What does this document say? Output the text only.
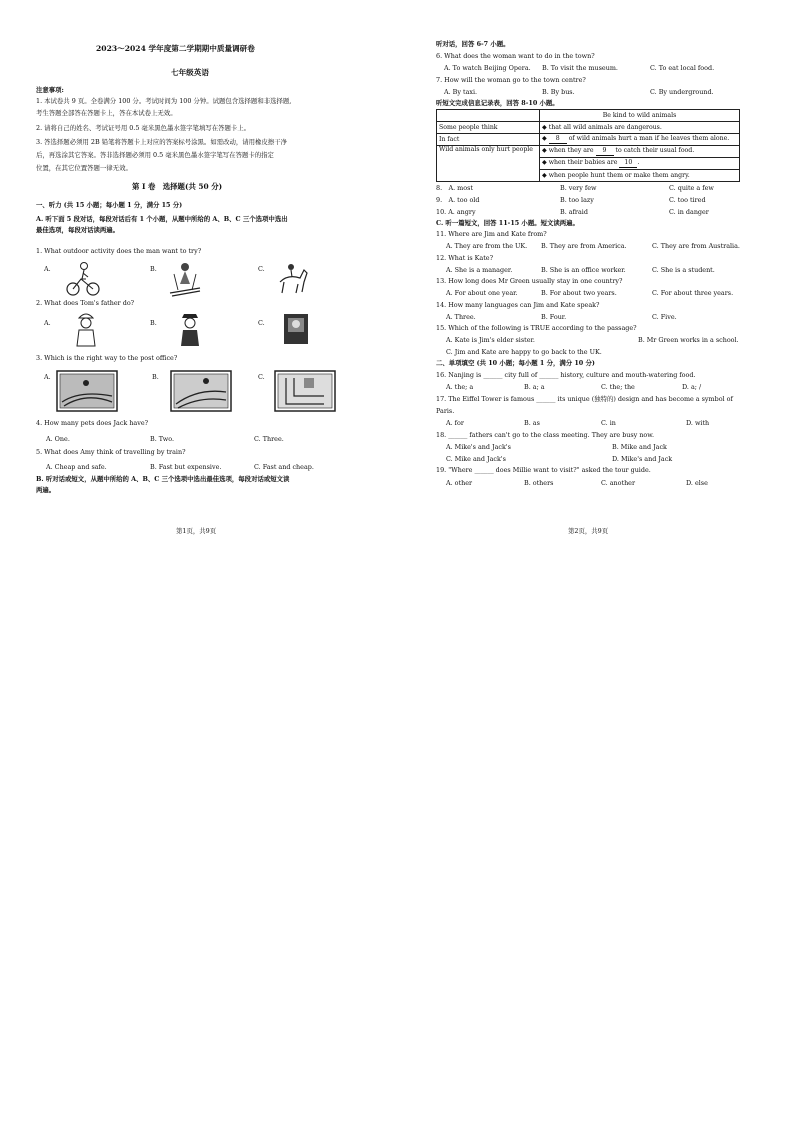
2023～2024 学年度第二学期期中质量调研卷
七年级英语
注意事项:
1. 本试卷共 9 页。全卷满分 100 分。考试时间为 100 分钟。试题包含选择题和非选择题,
考生答题全部答在答题卡上，答在本试卷上无效。
2. 请将自己的姓名、考试证号用 0.5 毫米黑色墨水签字笔填写在答题卡上。
3. 答选择题必须用 2B 铅笔将答题卡上对应的答案标号涂黑。如需改动，请用橡皮擦干净
后，再选涂其它答案。答非选择题必须用 0.5 毫米黑色墨水签字笔写在答题卡的指定
位置，在其它位置答题一律无效。
第 I 卷　选择题(共 50 分)
一、听力 (共 15 小题；每小题 1 分，满分 15 分)
A. 听下面 5 段对话，每段对话后有 1 个小题，从题中所给的 A、B、C 三个选项中选出
最佳选项，每段对话读两遍。
1. What outdoor activity does the man want to try?
A.	B.	C.
2. What does Tom's father do?
A.	B.	C.
3. Which is the right way to the post office?
A.	B.	C.
4. How many pets does Jack have?
A. One.	B. Two.	C. Three.
5. What does Amy think of travelling by train?
A. Cheap and safe.	B. Fast but expensive.	C. Fast and cheap.
B. 听对话或短文，从题中所给的 A、B、C 三个选项中选出最佳选项，每段对话或短文读
两遍。
第1页，共9页
听对话，回答 6-7 小题。
6. What does the woman want to do in the town?
A. To watch Beijing Opera. B. To visit the museum.	C. To eat local food.
7. How will the woman go to the town centre?
A. By taxi.	B. By bus.	C. By underground.
听短文完成信息记录表，回答 8-10 小题。
	Be kind to wild animals
Some people think	◆ that all wild animals are dangerous.
In fact	◆ 8 of wild animals hurt a man if he leaves them alone.
Wild animals only hurt people	◆ when they are 9 to catch their usual food.
	◆ when their babies are 10 .
	◆ when people hunt them or make them angry.
8.　A. most	B. very few	C. quite a few
9.　A. too old	B. too lazy	C. too tired
10. A. angry	B. afraid	C. in danger
C. 听一篇短文，回答 11-15 小题。短文读两遍。
11. Where are Jim and Kate from?
A. They are from the UK. B. They are from America.	C. They are from Australia.
12. What is Kate?
A. She is a manager.	B. She is an office worker.	C. She is a student.
13. How long does Mr Green usually stay in one country?
A. For about one year.	B. For about two years.	C. For about three years.
14. How many languages can Jim and Kate speak?
A. Three.	B. Four.	C. Five.
15. Which of the following is TRUE according to the passage?
A. Kate is Jim's elder sister.	B. Mr Green works in a school.
C. Jim and Kate are happy to go back to the UK.
二、单项填空 (共 10 小题；每小题 1 分，满分 10 分)
16. Nanjing is ______ city full of ______ history, culture and mouth-watering food.
A. the; a	B. a; a	C. the; the	D. a; /
17. The Eiffel Tower is famous ______ its unique (独特的) design and has become a symbol of
Paris.
A. for	B. as	C. in	D. with
18. ______ fathers can't go to the class meeting. They are busy now.
A. Mike's and Jack's	B. Mike and Jack
C. Mike and Jack's	D. Mike's and Jack
19. "Where ______ does Millie want to visit?" asked the tour guide.
A. other	B. others	C. another	D. else
第2页，共9页
